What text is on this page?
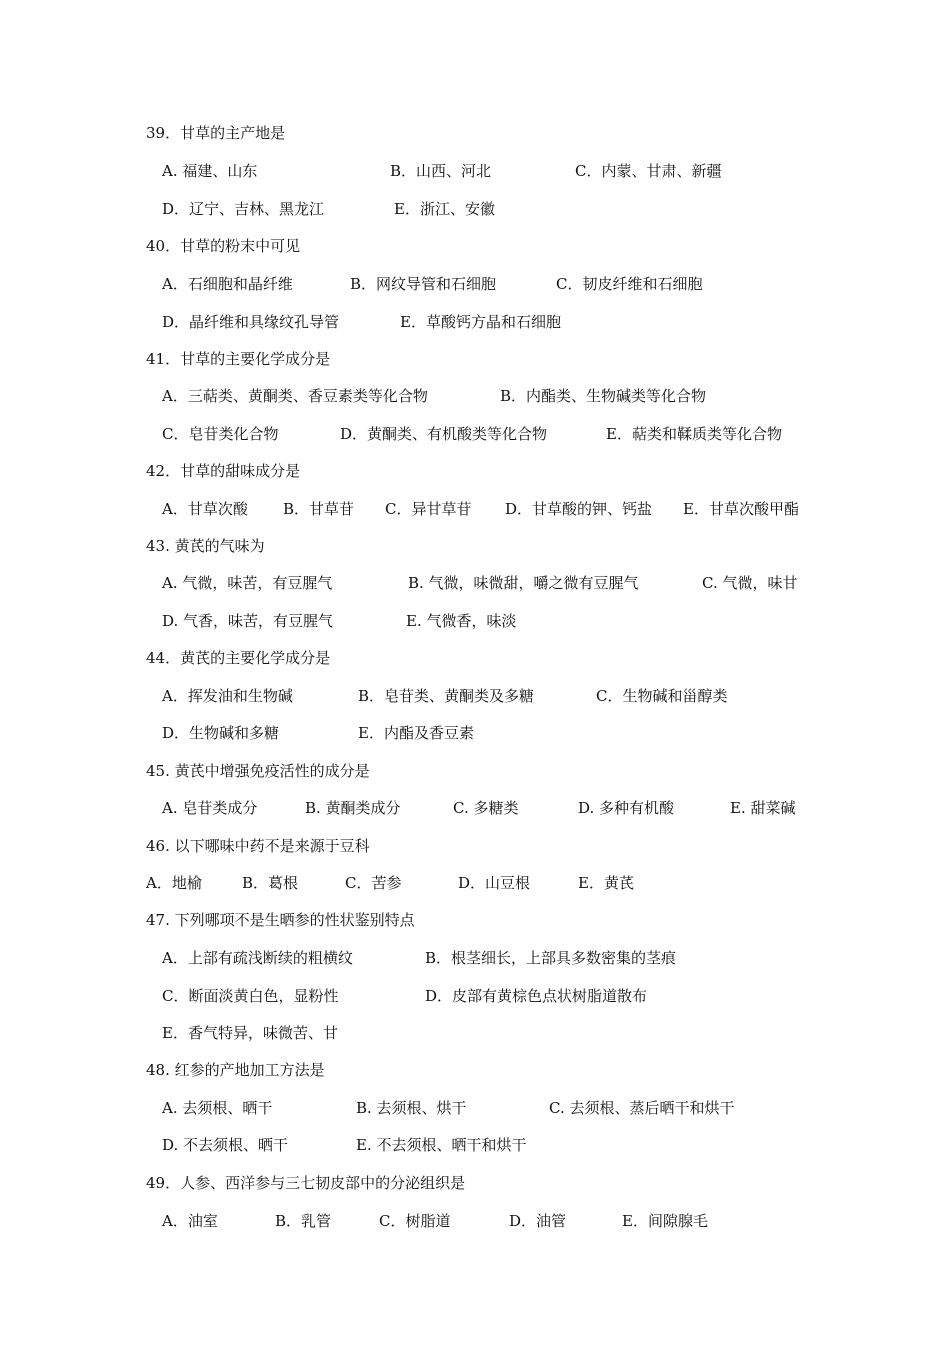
39．甘草的主产地是
A. 福建、山东	B．山西、河北	C．内蒙、甘肃、新疆
D．辽宁、吉林、黑龙江	E．浙江、安徽
40．甘草的粉末中可见
A．石细胞和晶纤维	B．网纹导管和石细胞	C．韧皮纤维和石细胞
D．晶纤维和具缘纹孔导管	E．草酸钙方晶和石细胞
41．甘草的主要化学成分是
A．三萜类、黄酮类、香豆素类等化合物	B．内酯类、生物碱类等化合物
C．皂苷类化合物	D．黄酮类、有机酸类等化合物	E．萜类和鞣质类等化合物
42．甘草的甜味成分是
A．甘草次酸 B．甘草苷 C．异甘草苷 D．甘草酸的钾、钙盐 E．甘草次酸甲酯
43. 黄芪的气味为
A. 气微，味苦，有豆腥气	B. 气微，味微甜，嚼之微有豆腥气	C. 气微，味甘
D. 气香，味苦，有豆腥气	E. 气微香，味淡
44．黄芪的主要化学成分是
A．挥发油和生物碱	B．皂苷类、黄酮类及多糖	C．生物碱和甾醇类
D．生物碱和多糖	E．内酯及香豆素
45. 黄芪中增强免疫活性的成分是
A. 皂苷类成分	B. 黄酮类成分	C. 多糖类	D. 多种有机酸	E. 甜菜碱
46. 以下哪味中药不是来源于豆科
A．地榆	B．葛根	C．苦参	D．山豆根	E．黄芪
47. 下列哪项不是生晒参的性状鉴别特点
A．上部有疏浅断续的粗横纹	B．根茎细长，上部具多数密集的茎痕
C．断面淡黄白色，显粉性	D．皮部有黄棕色点状树脂道散布
E．香气特异，味微苦、甘
48. 红参的产地加工方法是
A. 去须根、晒干	B. 去须根、烘干	C. 去须根、蒸后晒干和烘干
D. 不去须根、晒干	E. 不去须根、晒干和烘干
49．人参、西洋参与三七韧皮部中的分泌组织是
A．油室	B．乳管	C．树脂道	D．油管	E．间隙腺毛
